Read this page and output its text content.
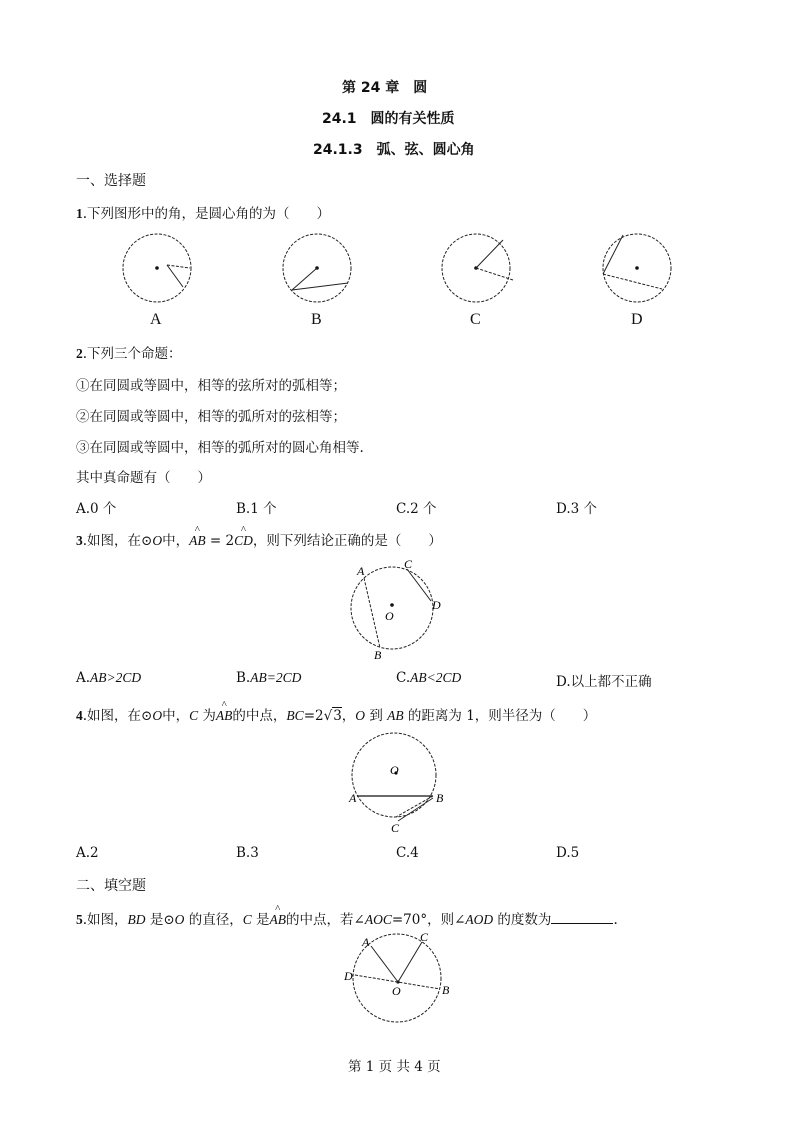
第 24 章　圆
24.1　圆的有关性质
24.1.3　弧、弦、圆心角
一、选择题
1.下列图形中的角，是圆心角的为（　　）
A	B	C	D
2.下列三个命题：
①在同圆或等圆中，相等的弦所对的弧相等；
②在同圆或等圆中，相等的弧所对的弦相等；
③在同圆或等圆中，相等的弧所对的圆心角相等.
其中真命题有（　　）
A.0 个	B.1 个	C.2 个	D.3 个
3.如图，在⊙O中，^ AB = 2^ CD，则下列结论正确的是（　　）
A	C
D
O
B
A.AB>2CD	B.AB=2CD	C.AB<2CD	D.以上都不正确
4.如图，在⊙O中，C 为^ AB的中点，BC=2√3，O 到 AB 的距离为 1，则半径为（　　）
O
A	B
C
A.2	B.3	C.4	D.5
二、填空题
5.如图，BD 是⊙O 的直径，C 是^ AB的中点，若∠AOC=70°，则∠AOD 的度数为	.
A	C
D
O	B
第 1 页 共 4 页
